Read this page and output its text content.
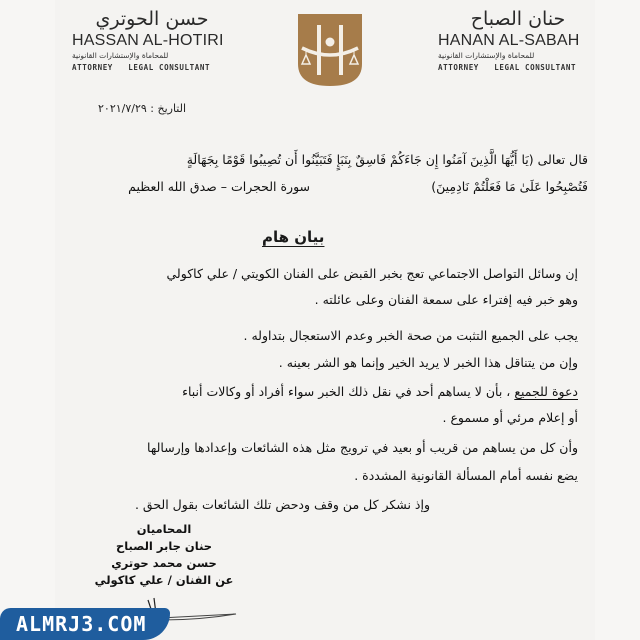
حسن الحوتري
HASSAN AL-HOTIRI
للمحاماة والإستشارات القانونية
ATTORNEY   LEGAL CONSULTANT
حنان الصباح
HANAN AL-SABAH
للمحاماة والإستشارات القانونية
ATTORNEY   LEGAL CONSULTANT
التاريخ : ٢٠٢١/٧/٢٩
قال تعالى (يَا أَيُّهَا الَّذِينَ آمَنُوا إِن جَاءَكُمْ فَاسِقٌ بِنَبَإٍ فَتَبَيَّنُوا أَن تُصِيبُوا قَوْمًا بِجَهَالَةٍ
فَتُصْبِحُوا عَلَىٰ مَا فَعَلْتُمْ نَادِمِينَ)
سورة الحجرات – صدق الله العظيم
بيان هام
إن وسائل التواصل الاجتماعي تعج بخبر القبض على الفنان الكويتي / علي كاكولي
وهو خبر فيه إفتراء على سمعة الفنان وعلى عائلته .
يجب على الجميع التثبت من صحة الخبر وعدم الاستعجال بتداوله .
وإن من يتناقل هذا الخبر لا يريد الخير وإنما هو الشر بعينه .
دعوة للجميع ، بأن لا يساهم أحد في نقل ذلك الخبر سواء أفراد أو وكالات أنباء
أو إعلام مرئي أو مسموع .
وأن كل من يساهم من قريب أو بعيد في ترويج مثل هذه الشائعات وإعدادها وإرسالها
يضع نفسه أمام المسألة القانونية المشددة .
وإذ نشكر كل من وقف ودحض تلك الشائعات بقول الحق .
المحاميان
حنان جابر الصباح
حسن محمد حوتري
عن الفنان / علي كاكولي
ALMRJ3.COM
